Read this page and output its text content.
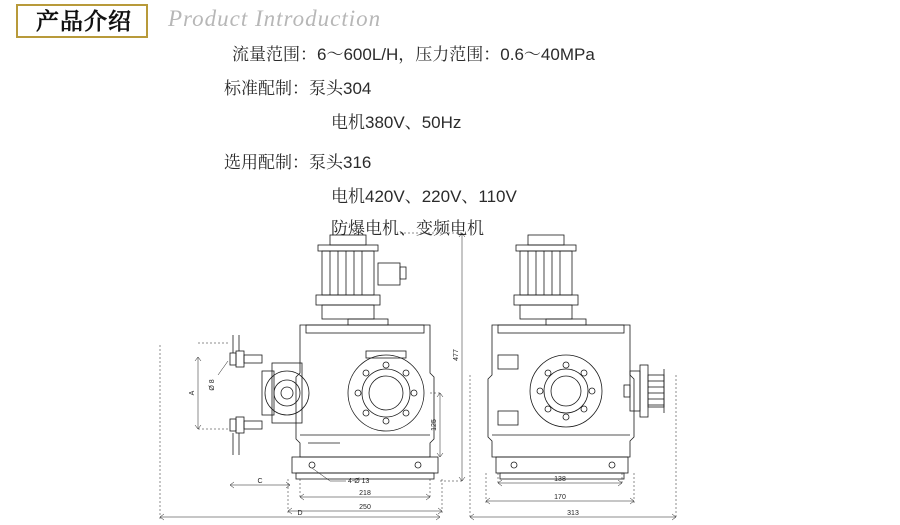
产品介绍	Product Introduction
流量范围：6～600L/H，压力范围：0.6～40MPa
标准配制：泵头304
电机380V、50Hz
选用配制：泵头316
电机420V、220V、110V
防爆电机、变频电机
477
125
A
Ø 8
218
250
C
D
4-Ø 13	138
170
313
